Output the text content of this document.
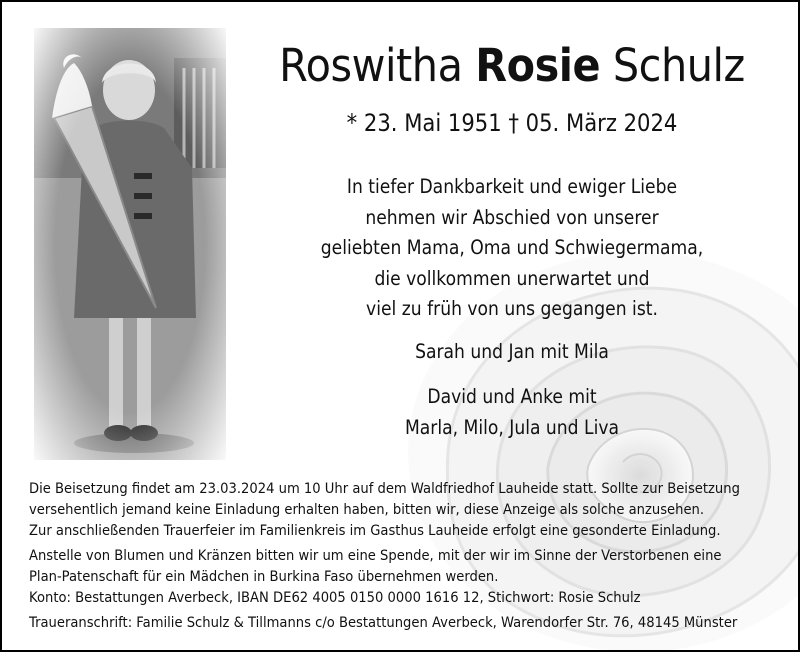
Roswitha Rosie Schulz
* 23. Mai 1951 † 05. März 2024
In tiefer Dankbarkeit und ewiger Liebe
nehmen wir Abschied von unserer
geliebten Mama, Oma und Schwiegermama,
die vollkommen unerwartet und
viel zu früh von uns gegangen ist.
Sarah und Jan mit Mila
David und Anke mit
Marla, Milo, Jula und Liva
Die Beisetzung findet am 23.03.2024 um 10 Uhr auf dem Waldfriedhof Lauheide statt. Sollte zur Beisetzung
versehentlich jemand keine Einladung erhalten haben, bitten wir, diese Anzeige als solche anzusehen.
Zur anschließenden Trauerfeier im Familienkreis im Gasthus Lauheide erfolgt eine gesonderte Einladung.
Anstelle von Blumen und Kränzen bitten wir um eine Spende, mit der wir im Sinne der Verstorbenen eine
Plan-Patenschaft für ein Mädchen in Burkina Faso übernehmen werden.
Konto: Bestattungen Averbeck, IBAN DE62 4005 0150 0000 1616 12, Stichwort: Rosie Schulz
Traueranschrift: Familie Schulz & Tillmanns c/o Bestattungen Averbeck, Warendorfer Str. 76, 48145 Münster
